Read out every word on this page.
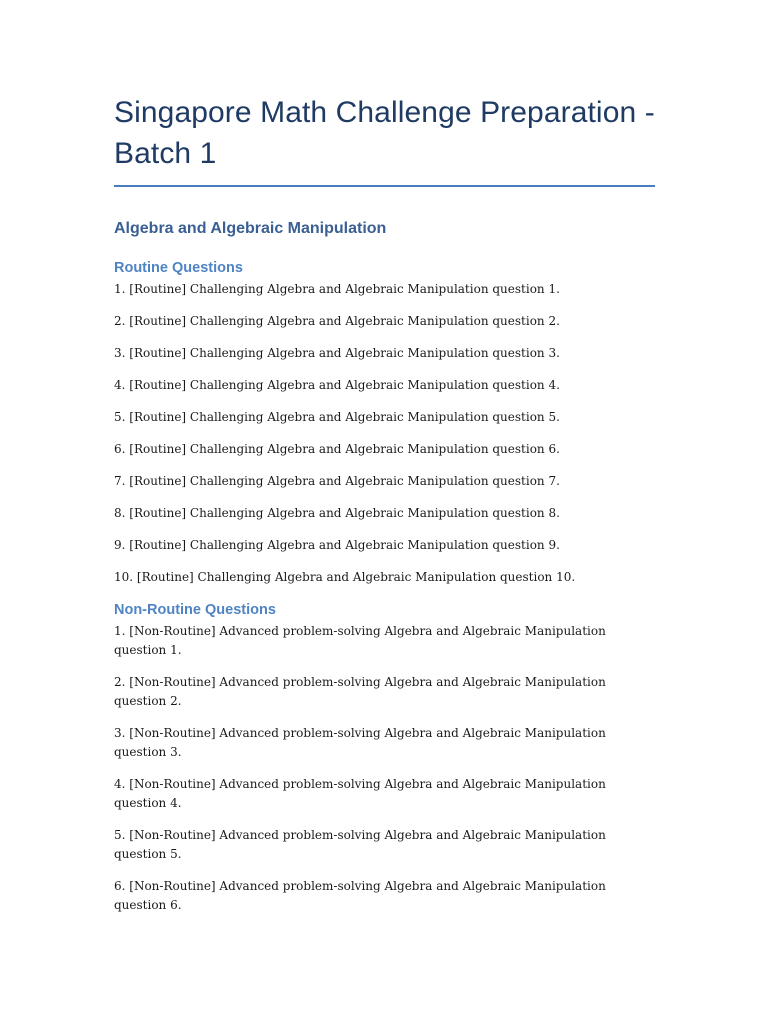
Singapore Math Challenge Preparation - Batch 1
Algebra and Algebraic Manipulation
Routine Questions
1. [Routine] Challenging Algebra and Algebraic Manipulation question 1.
2. [Routine] Challenging Algebra and Algebraic Manipulation question 2.
3. [Routine] Challenging Algebra and Algebraic Manipulation question 3.
4. [Routine] Challenging Algebra and Algebraic Manipulation question 4.
5. [Routine] Challenging Algebra and Algebraic Manipulation question 5.
6. [Routine] Challenging Algebra and Algebraic Manipulation question 6.
7. [Routine] Challenging Algebra and Algebraic Manipulation question 7.
8. [Routine] Challenging Algebra and Algebraic Manipulation question 8.
9. [Routine] Challenging Algebra and Algebraic Manipulation question 9.
10. [Routine] Challenging Algebra and Algebraic Manipulation question 10.
Non-Routine Questions
1. [Non-Routine] Advanced problem-solving Algebra and Algebraic Manipulation question 1.
2. [Non-Routine] Advanced problem-solving Algebra and Algebraic Manipulation question 2.
3. [Non-Routine] Advanced problem-solving Algebra and Algebraic Manipulation question 3.
4. [Non-Routine] Advanced problem-solving Algebra and Algebraic Manipulation question 4.
5. [Non-Routine] Advanced problem-solving Algebra and Algebraic Manipulation question 5.
6. [Non-Routine] Advanced problem-solving Algebra and Algebraic Manipulation question 6.
